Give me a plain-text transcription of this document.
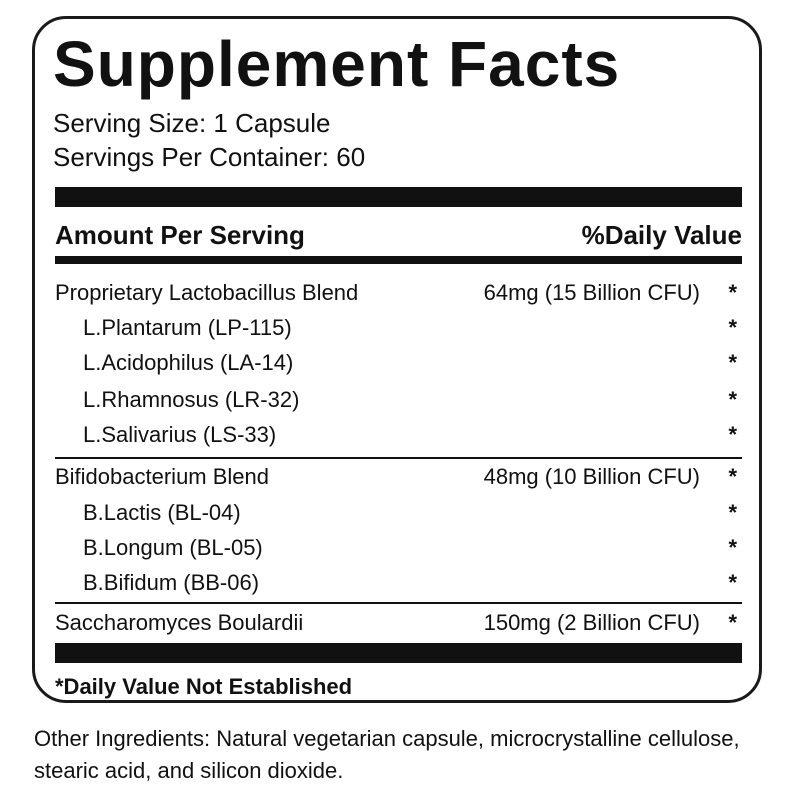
Supplement Facts
Serving Size: 1 Capsule
Servings Per Container: 60
Amount Per Serving	%Daily Value
Proprietary Lactobacillus Blend	64mg (15 Billion CFU) *
L.Plantarum (LP-115)	*
L.Acidophilus (LA-14)	*
L.Rhamnosus (LR-32)	*
L.Salivarius (LS-33)	*
Bifidobacterium Blend	48mg (10 Billion CFU) *
B.Lactis (BL-04)	*
B.Longum (BL-05)	*
B.Bifidum (BB-06)	*
Saccharomyces Boulardii	150mg (2 Billion CFU) *
*Daily Value Not Established
Other Ingredients: Natural vegetarian capsule, microcrystalline cellulose, stearic acid, and silicon dioxide.
